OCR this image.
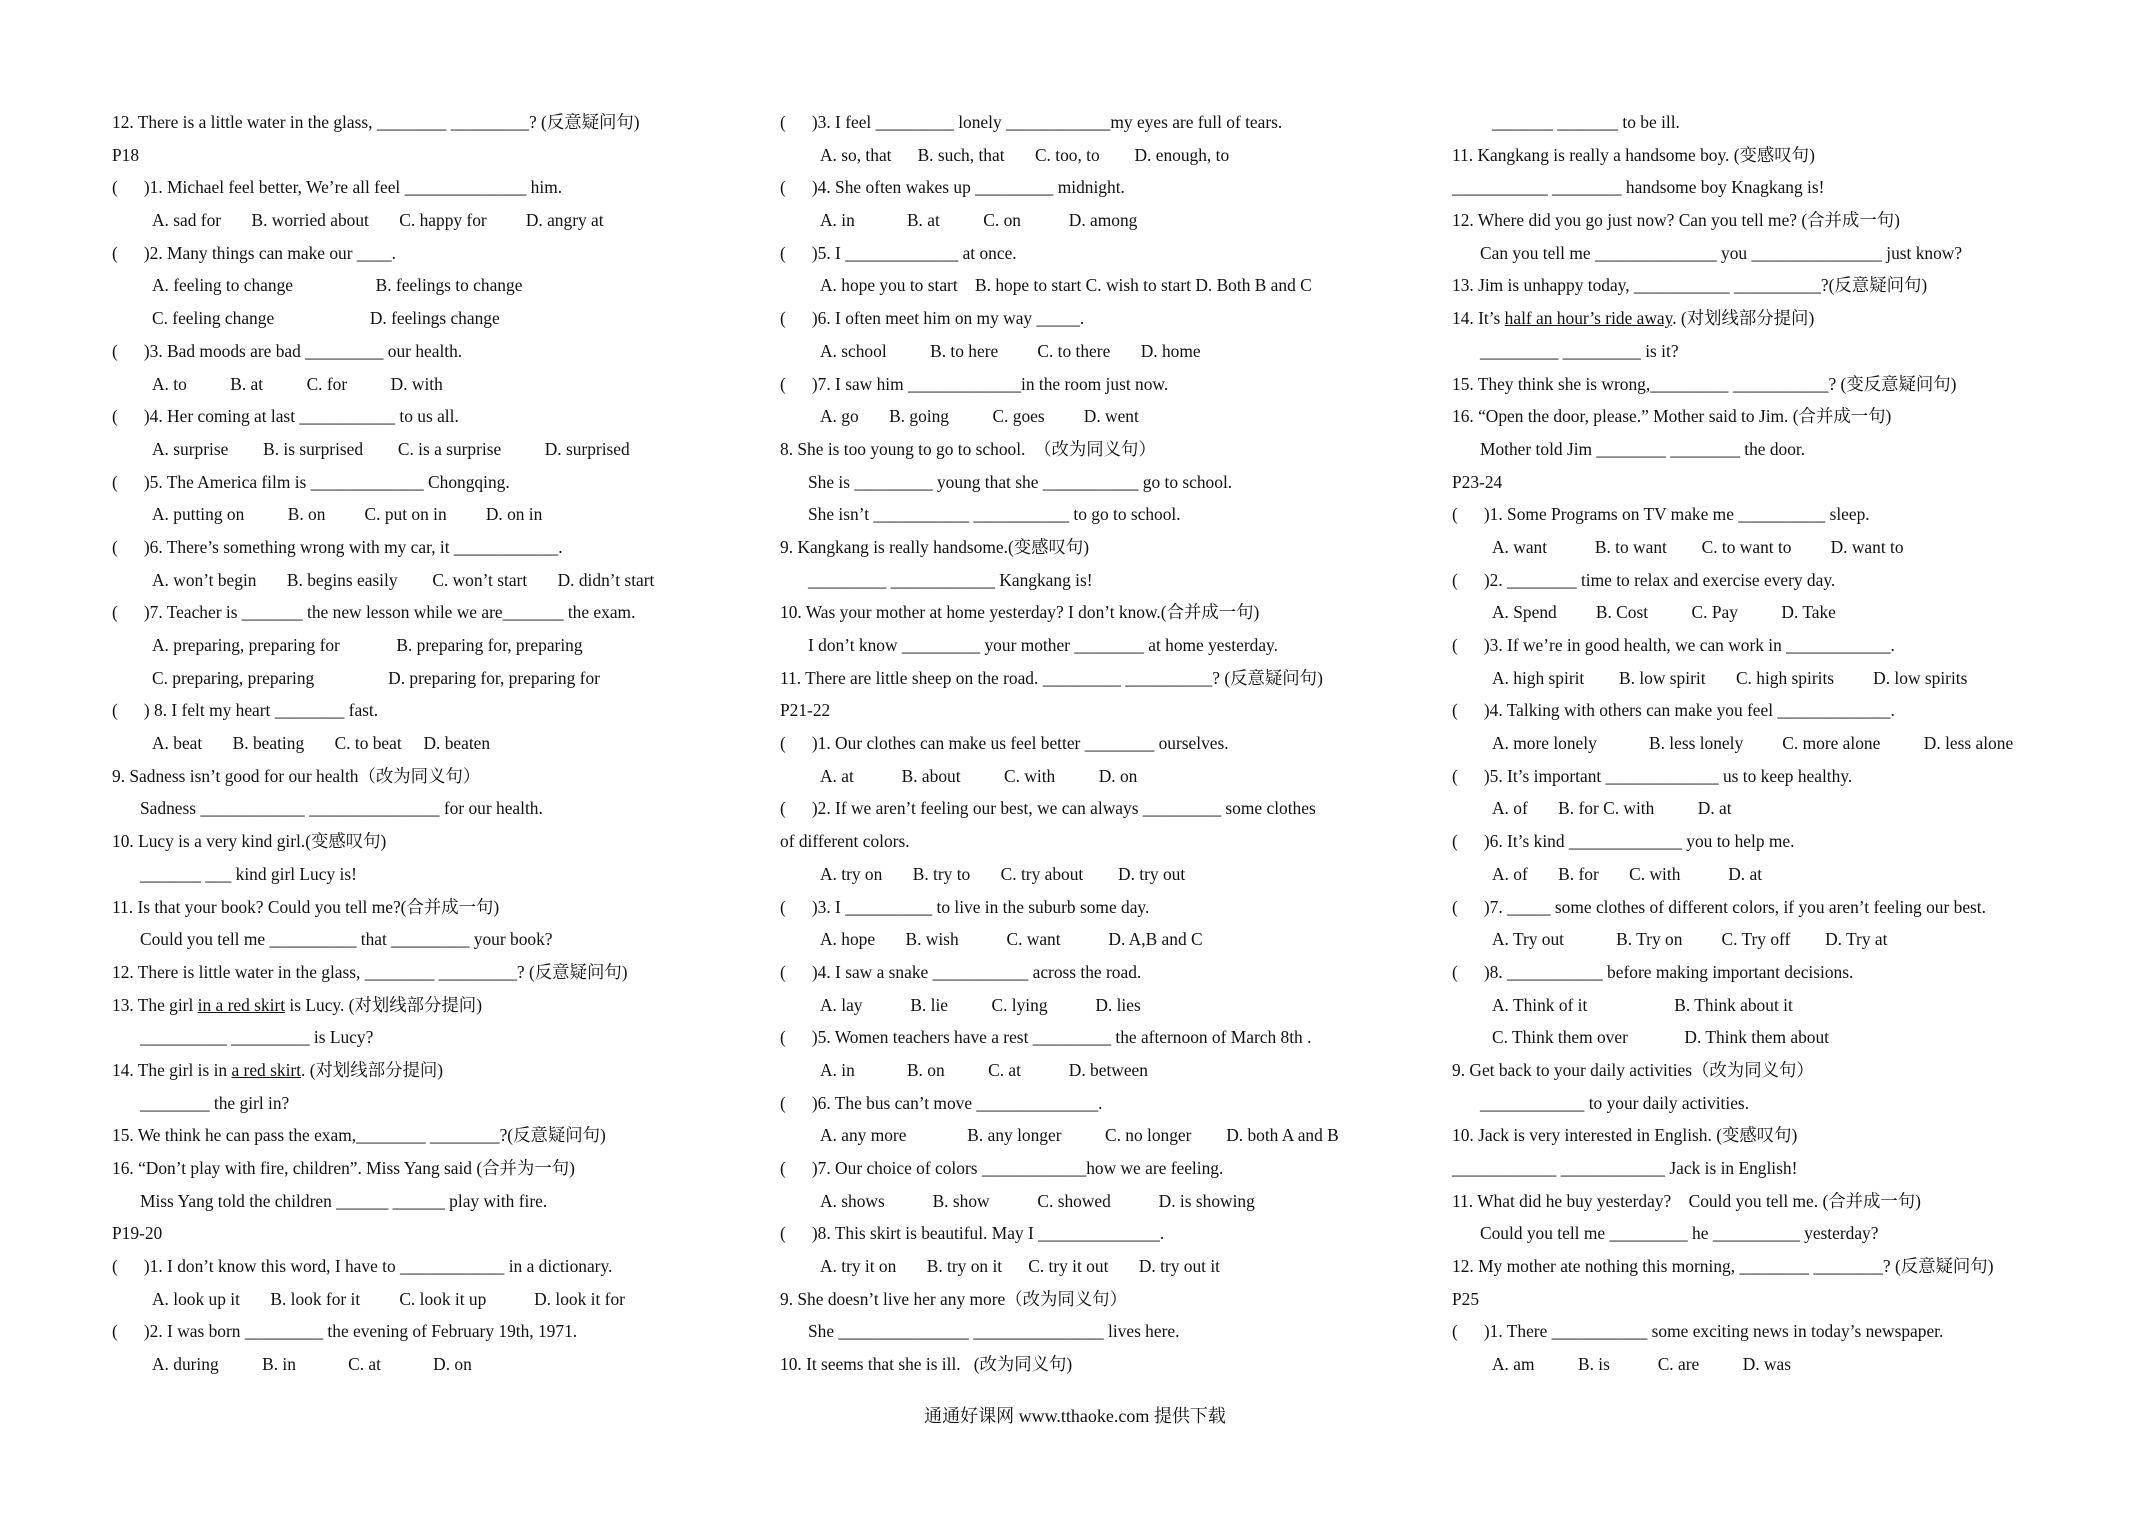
12. There is a little water in the glass, ________ _________? (反意疑问句)
P18
(      )1. Michael feel better, We’re all feel ______________ him.
A. sad for       B. worried about       C. happy for         D. angry at
(      )2. Many things can make our ____.
A. feeling to change                   B. feelings to change
C. feeling change                      D. feelings change
(      )3. Bad moods are bad _________ our health.
A. to          B. at          C. for          D. with
(      )4. Her coming at last ___________ to us all.
A. surprise        B. is surprised        C. is a surprise          D. surprised
(      )5. The America film is _____________ Chongqing.
A. putting on          B. on         C. put on in         D. on in
(      )6. There’s something wrong with my car, it ____________.
A. won’t begin       B. begins easily        C. won’t start       D. didn’t start
(      )7. Teacher is _______ the new lesson while we are_______ the exam.
A. preparing, preparing for             B. preparing for, preparing
C. preparing, preparing                 D. preparing for, preparing for
(      ) 8. I felt my heart ________ fast.
A. beat       B. beating       C. to beat     D. beaten
9. Sadness isn’t good for our health（改为同义句）
Sadness ____________ _______________ for our health.
10. Lucy is a very kind girl.(变感叹句)
_______ ___ kind girl Lucy is!
11. Is that your book? Could you tell me?(合并成一句)
Could you tell me __________ that _________ your book?
12. There is little water in the glass, ________ _________? (反意疑问句)
13. The girl in a red skirt is Lucy. (对划线部分提问)
__________ _________ is Lucy?
14. The girl is in a red skirt. (对划线部分提问)
________ the girl in?
15. We think he can pass the exam,________ ________?(反意疑问句)
16. “Don’t play with fire, children”. Miss Yang said (合并为一句)
Miss Yang told the children ______ ______ play with fire.
P19-20
(      )1. I don’t know this word, I have to ____________ in a dictionary.
A. look up it       B. look for it         C. look it up           D. look it for
(      )2. I was born _________ the evening of February 19th, 1971.
A. during          B. in            C. at            D. on
(      )3. I feel _________ lonely ____________my eyes are full of tears.
A. so, that      B. such, that       C. too, to        D. enough, to
(      )4. She often wakes up _________ midnight.
A. in            B. at          C. on           D. among
(      )5. I _____________ at once.
A. hope you to start    B. hope to start C. wish to start D. Both B and C
(      )6. I often meet him on my way _____.
A. school          B. to here         C. to there       D. home
(      )7. I saw him _____________in the room just now.
A. go       B. going          C. goes         D. went
8. She is too young to go to school.  （改为同义句）
She is _________ young that she ___________ go to school.
She isn’t ___________ ___________ to go to school.
9. Kangkang is really handsome.(变感叹句)
_________ ____________ Kangkang is!
10. Was your mother at home yesterday? I don’t know.(合并成一句)
I don’t know _________ your mother ________ at home yesterday.
11. There are little sheep on the road. _________ __________? (反意疑问句)
P21-22
(      )1. Our clothes can make us feel better ________ ourselves.
A. at           B. about          C. with          D. on
(      )2. If we aren’t feeling our best, we can always _________ some clothes
of different colors.
A. try on       B. try to       C. try about        D. try out
(      )3. I __________ to live in the suburb some day.
A. hope       B. wish           C. want           D. A,B and C
(      )4. I saw a snake ___________ across the road.
A. lay           B. lie          C. lying           D. lies
(      )5. Women teachers have a rest _________ the afternoon of March 8th .
A. in            B. on          C. at           D. between
(      )6. The bus can’t move ______________.
A. any more              B. any longer          C. no longer        D. both A and B
(      )7. Our choice of colors ____________how we are feeling.
A. shows           B. show           C. showed           D. is showing
(      )8. This skirt is beautiful. May I ______________.
A. try it on       B. try on it      C. try it out       D. try out it
9. She doesn’t live her any more（改为同义句）
She _______________ _______________ lives here.
10. It seems that she is ill.   (改为同义句)
_______ _______ to be ill.
11. Kangkang is really a handsome boy. (变感叹句)
___________ ________ handsome boy Knagkang is!
12. Where did you go just now? Can you tell me? (合并成一句)
Can you tell me ______________ you _______________ just know?
13. Jim is unhappy today, ___________ __________?(反意疑问句)
14. It’s half an hour’s ride away. (对划线部分提问)
_________ _________ is it?
15. They think she is wrong,_________ ___________? (变反意疑问句)
16. “Open the door, please.” Mother said to Jim. (合并成一句)
Mother told Jim ________ ________ the door.
P23-24
(      )1. Some Programs on TV make me __________ sleep.
A. want           B. to want        C. to want to         D. want to
(      )2. ________ time to relax and exercise every day.
A. Spend         B. Cost          C. Pay          D. Take
(      )3. If we’re in good health, we can work in ____________.
A. high spirit        B. low spirit       C. high spirits         D. low spirits
(      )4. Talking with others can make you feel _____________.
A. more lonely            B. less lonely         C. more alone          D. less alone
(      )5. It’s important _____________ us to keep healthy.
A. of       B. for C. with          D. at
(      )6. It’s kind _____________ you to help me.
A. of       B. for       C. with           D. at
(      )7. _____ some clothes of different colors, if you aren’t feeling our best.
A. Try out            B. Try on         C. Try off        D. Try at
(      )8. ___________ before making important decisions.
A. Think of it                    B. Think about it
C. Think them over             D. Think them about
9. Get back to your daily activities（改为同义句）
____________ to your daily activities.
10. Jack is very interested in English. (变感叹句)
____________ ____________ Jack is in English!
11. What did he buy yesterday?    Could you tell me. (合并成一句)
Could you tell me _________ he __________ yesterday?
12. My mother ate nothing this morning, ________ ________? (反意疑问句)
P25
(      )1. There ___________ some exciting news in today’s newspaper.
A. am          B. is           C. are          D. was
通通好课网 www.tthaoke.com 提供下载
